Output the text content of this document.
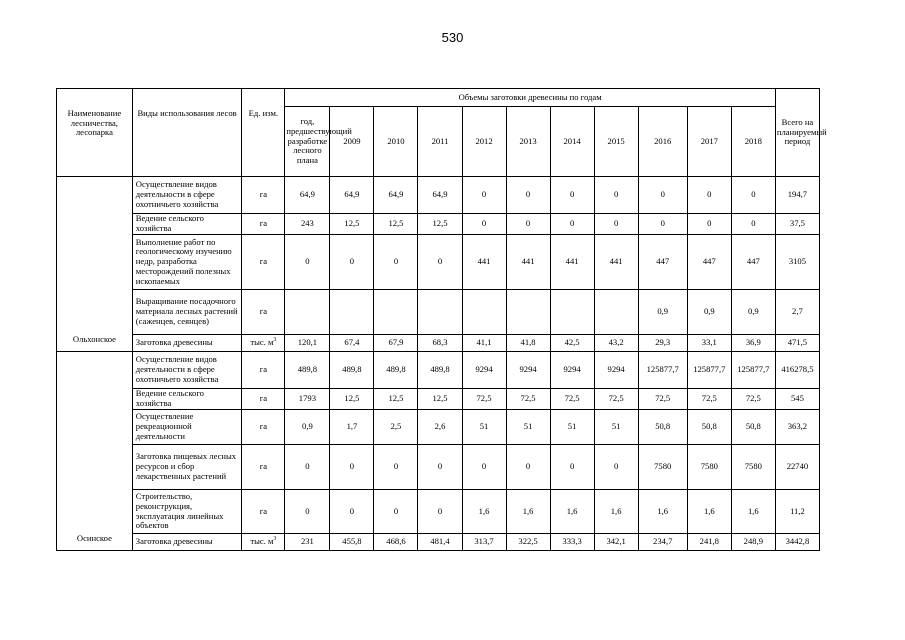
530
Наименование лесничества, лесопарка	Виды использования лесов	Ед. изм.	Объемы заготовки древесины по годам											Всего на планируемый период
			год, предшествующий разработке лесного плана	2009	2010	2011	2012	2013	2014	2015	2016	2017	2018	
	Осуществление видов деятельности в сфере охотничьего хозяйства	га	64,9	64,9	64,9	64,9	0	0	0	0	0	0	0	194,7
	Ведение сельского хозяйства	га	243	12,5	12,5	12,5	0	0	0	0	0	0	0	37,5
	Выполнение работ по геологическому изучению недр, разработка месторождений полезных ископаемых	га	0	0	0	0	441	441	441	441	447	447	447	3105
	Выращивание посадочного материала лесных растений (саженцев, сеянцев)	га									0,9	0,9	0,9	2,7
Ольхонское	Заготовка древесины	тыс. $м^3$	120,1	67,4	67,9	68,3	41,1	41,8	42,5	43,2	29,3	33,1	36,9	471,5
	Осуществление видов деятельности в сфере охотничьего хозяйства	га	489,8	489,8	489,8	489,8	9294	9294	9294	9294	125877,7	125877,7	125877,7	416278,5
	Ведение сельского хозяйства	га	1793	12,5	12,5	12,5	72,5	72,5	72,5	72,5	72,5	72,5	72,5	545
	Осуществление рекреационной деятельности	га	0,9	1,7	2,5	2,6	51	51	51	51	50,8	50,8	50,8	363,2
	Заготовка пищевых лесных ресурсов и сбор лекарственных растений	га	0	0	0	0	0	0	0	0	7580	7580	7580	22740
	Строительство, реконструкция, эксплуатация линейных объектов	га	0	0	0	0	1,6	1,6	1,6	1,6	1,6	1,6	1,6	11,2
Осинское	Заготовка древесины	тыс. $м^3$	231	455,8	468,6	481,4	313,7	322,5	333,3	342,1	234,7	241,8	248,9	3442,8
